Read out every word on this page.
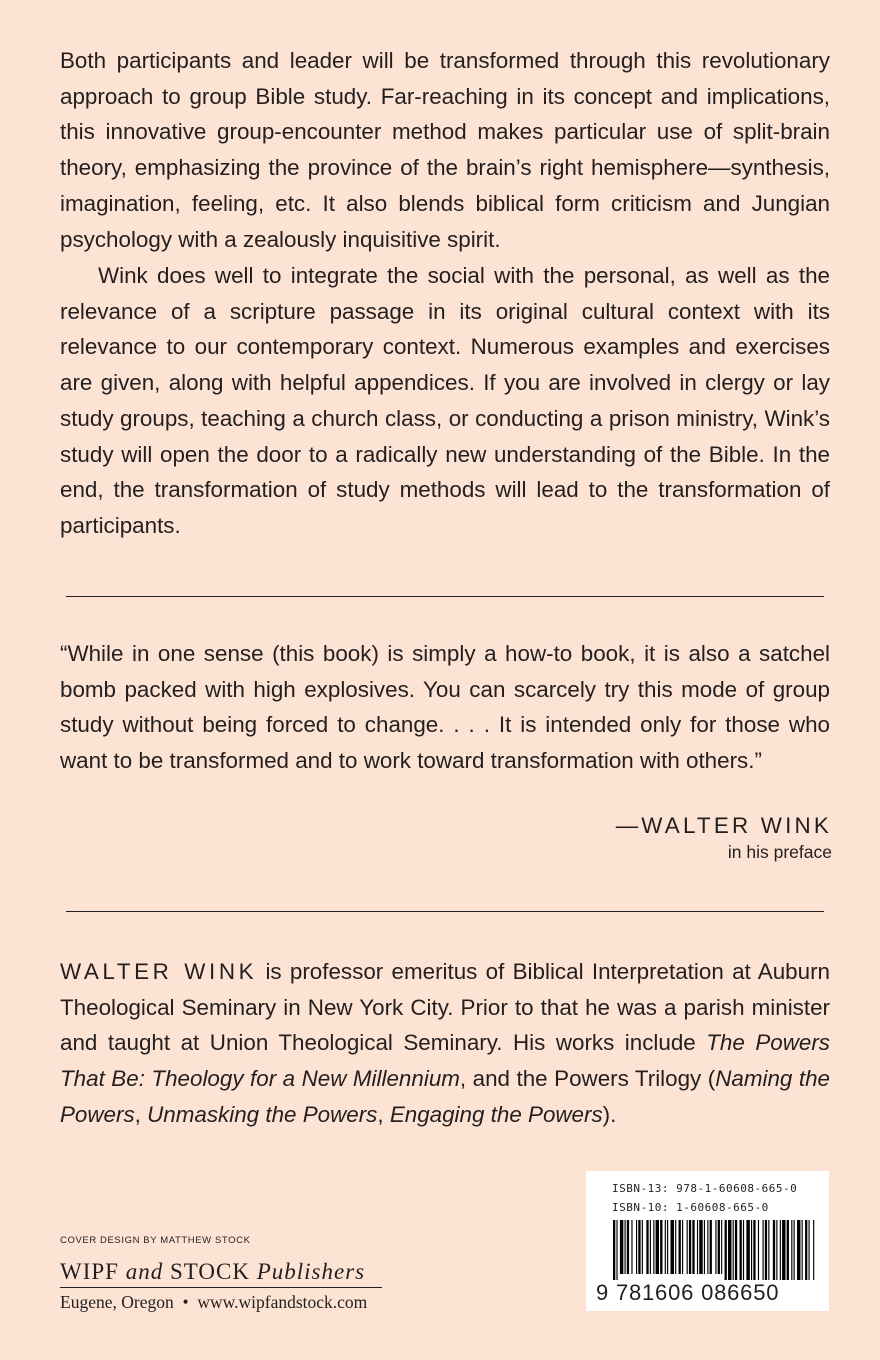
Both participants and leader will be transformed through this revolutionary approach to group Bible study. Far-reaching in its concept and implications, this innovative group-encounter method makes particular use of split-brain theory, emphasizing the province of the brain’s right hemisphere—synthesis, imagination, feeling, etc. It also blends biblical form criticism and Jungian psychology with a zealously inquisitive spirit.

Wink does well to integrate the social with the personal, as well as the relevance of a scripture passage in its original cultural context with its relevance to our contemporary context. Numerous examples and exercises are given, along with helpful appendices. If you are involved in clergy or lay study groups, teaching a church class, or conducting a prison ministry, Wink’s study will open the door to a radically new understanding of the Bible. In the end, the transformation of study methods will lead to the transformation of participants.

“While in one sense (this book) is simply a how-to book, it is also a satchel bomb packed with high explosives. You can scarcely try this mode of group study without being forced to change. . . . It is intended only for those who want to be transformed and to work toward transformation with others.”

—WALTER WINK
in his preface

WALTER WINK is professor emeritus of Biblical Interpretation at Auburn Theological Seminary in New York City. Prior to that he was a parish minister and taught at Union Theological Seminary. His works include The Powers That Be: Theology for a New Millennium, and the Powers Trilogy (Naming the Powers, Unmasking the Powers, Engaging the Powers).

COVER DESIGN BY MATTHEW STOCK
WIPF and STOCK Publishers
Eugene, Oregon  •  www.wipfandstock.com
ISBN-13: 978-1-60608-665-0
ISBN-10: 1-60608-665-0
9 781606 086650
